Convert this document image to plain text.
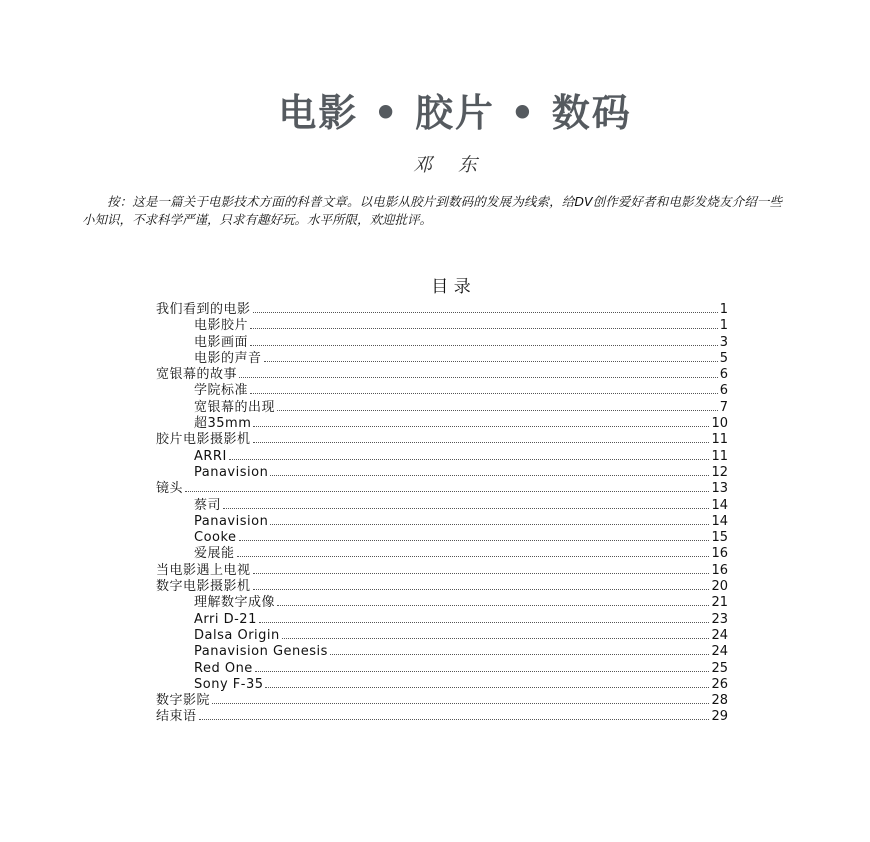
电影 • 胶片 • 数码
邓 东
按：这是一篇关于电影技术方面的科普文章。以电影从胶片到数码的发展为线索，给DV创作爱好者和电影发烧友介绍一些小知识，不求科学严谨，只求有趣好玩。水平所限，欢迎批评。
目 录
我们看到的电影	1
电影胶片	1
电影画面	3
电影的声音	5
宽银幕的故事	6
学院标准	6
宽银幕的出现	7
超35mm	10
胶片电影摄影机	11
ARRI	11
Panavision	12
镜头	13
蔡司	14
Panavision	14
Cooke	15
爱展能	16
当电影遇上电视	16
数字电影摄影机	20
理解数字成像	21
Arri D-21	23
Dalsa Origin	24
Panavision Genesis	24
Red One	25
Sony F-35	26
数字影院	28
结束语	29
